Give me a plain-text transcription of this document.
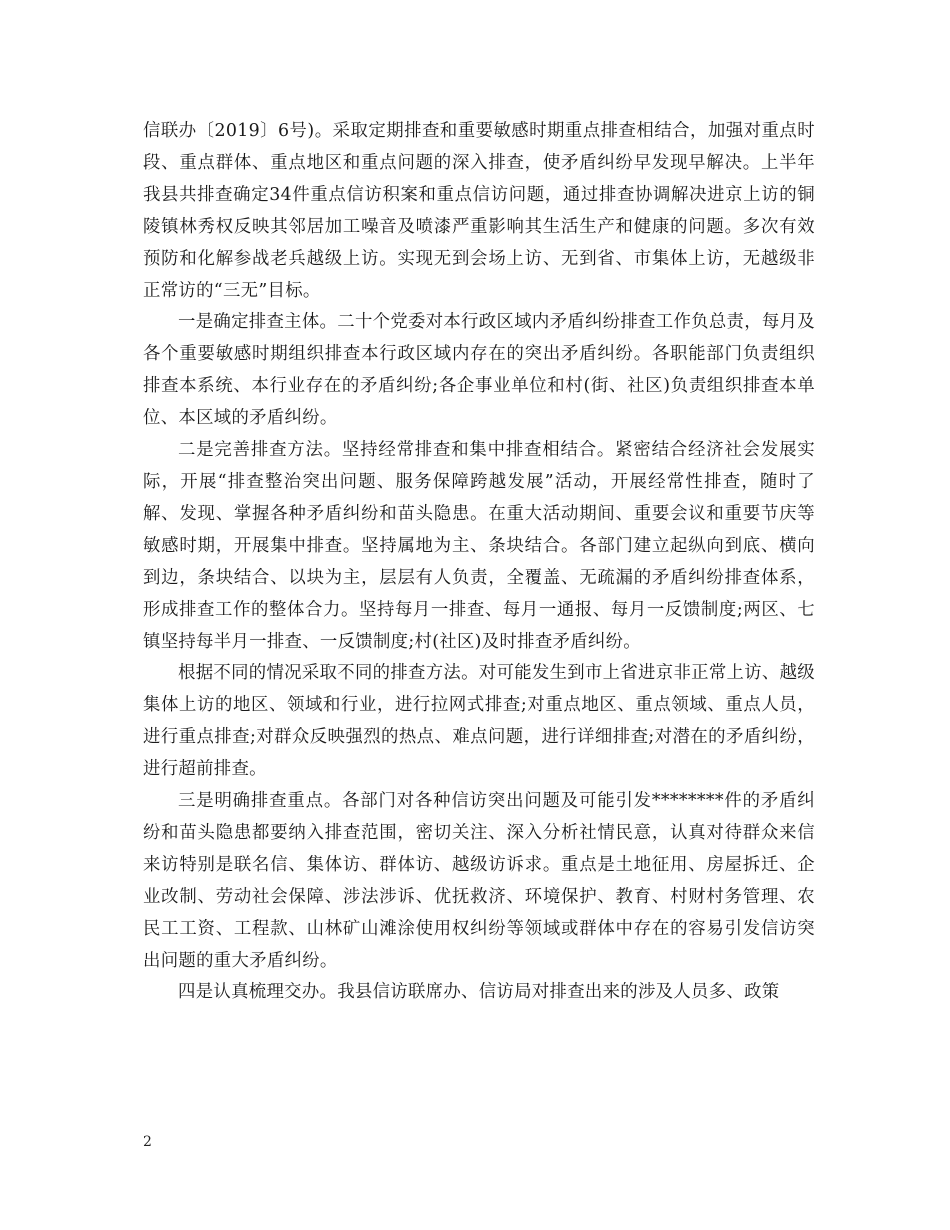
信联办〔2019〕6号)。采取定期排查和重要敏感时期重点排查相结合，加强对重点时段、重点群体、重点地区和重点问题的深入排查，使矛盾纠纷早发现早解决。上半年我县共排查确定34件重点信访积案和重点信访问题，通过排查协调解决进京上访的铜陵镇林秀权反映其邻居加工噪音及喷漆严重影响其生活生产和健康的问题。多次有效预防和化解参战老兵越级上访。实现无到会场上访、无到省、市集体上访，无越级非正常访的“三无”目标。

一是确定排查主体。二十个党委对本行政区域内矛盾纠纷排查工作负总责，每月及各个重要敏感时期组织排查本行政区域内存在的突出矛盾纠纷。各职能部门负责组织排查本系统、本行业存在的矛盾纠纷;各企事业单位和村(街、社区)负责组织排查本单位、本区域的矛盾纠纷。

二是完善排查方法。坚持经常排查和集中排查相结合。紧密结合经济社会发展实际，开展“排查整治突出问题、服务保障跨越发展”活动，开展经常性排查，随时了解、发现、掌握各种矛盾纠纷和苗头隐患。在重大活动期间、重要会议和重要节庆等敏感时期，开展集中排查。坚持属地为主、条块结合。各部门建立起纵向到底、横向到边，条块结合、以块为主，层层有人负责，全覆盖、无疏漏的矛盾纠纷排查体系，形成排查工作的整体合力。坚持每月一排查、每月一通报、每月一反馈制度;两区、七镇坚持每半月一排查、一反馈制度;村(社区)及时排查矛盾纠纷。

根据不同的情况采取不同的排查方法。对可能发生到市上省进京非正常上访、越级集体上访的地区、领域和行业，进行拉网式排查;对重点地区、重点领域、重点人员，进行重点排查;对群众反映强烈的热点、难点问题，进行详细排查;对潜在的矛盾纠纷，进行超前排查。

三是明确排查重点。各部门对各种信访突出问题及可能引发********件的矛盾纠纷和苗头隐患都要纳入排查范围，密切关注、深入分析社情民意，认真对待群众来信来访特别是联名信、集体访、群体访、越级访诉求。重点是土地征用、房屋拆迁、企业改制、劳动社会保障、涉法涉诉、优抚救济、环境保护、教育、村财村务管理、农民工工资、工程款、山林矿山滩涂使用权纠纷等领域或群体中存在的容易引发信访突出问题的重大矛盾纠纷。

四是认真梳理交办。我县信访联席办、信访局对排查出来的涉及人员多、政策

2
